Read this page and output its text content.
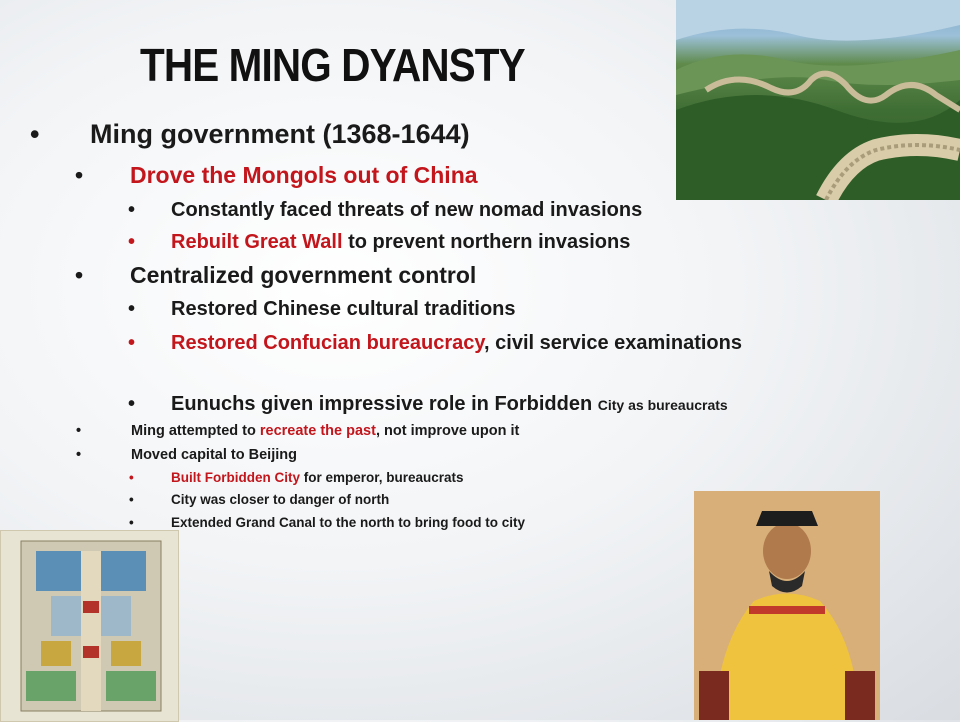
THE MING DYANSTY
• Ming government (1368-1644)
• Drove the Mongols out of China
• Constantly faced threats of new nomad invasions
• Rebuilt Great Wall to prevent northern invasions
• Centralized government control
• Restored Chinese cultural traditions
• Restored Confucian bureaucracy, civil service examinations
• Eunuchs given impressive role in Forbidden City as bureaucrats
•	Ming attempted to recreate the past, not improve upon it
•	Moved capital to Beijing
•	Built Forbidden City for emperor, bureaucrats
•	City was closer to danger of north
•	Extended Grand Canal to the north to bring food to city
